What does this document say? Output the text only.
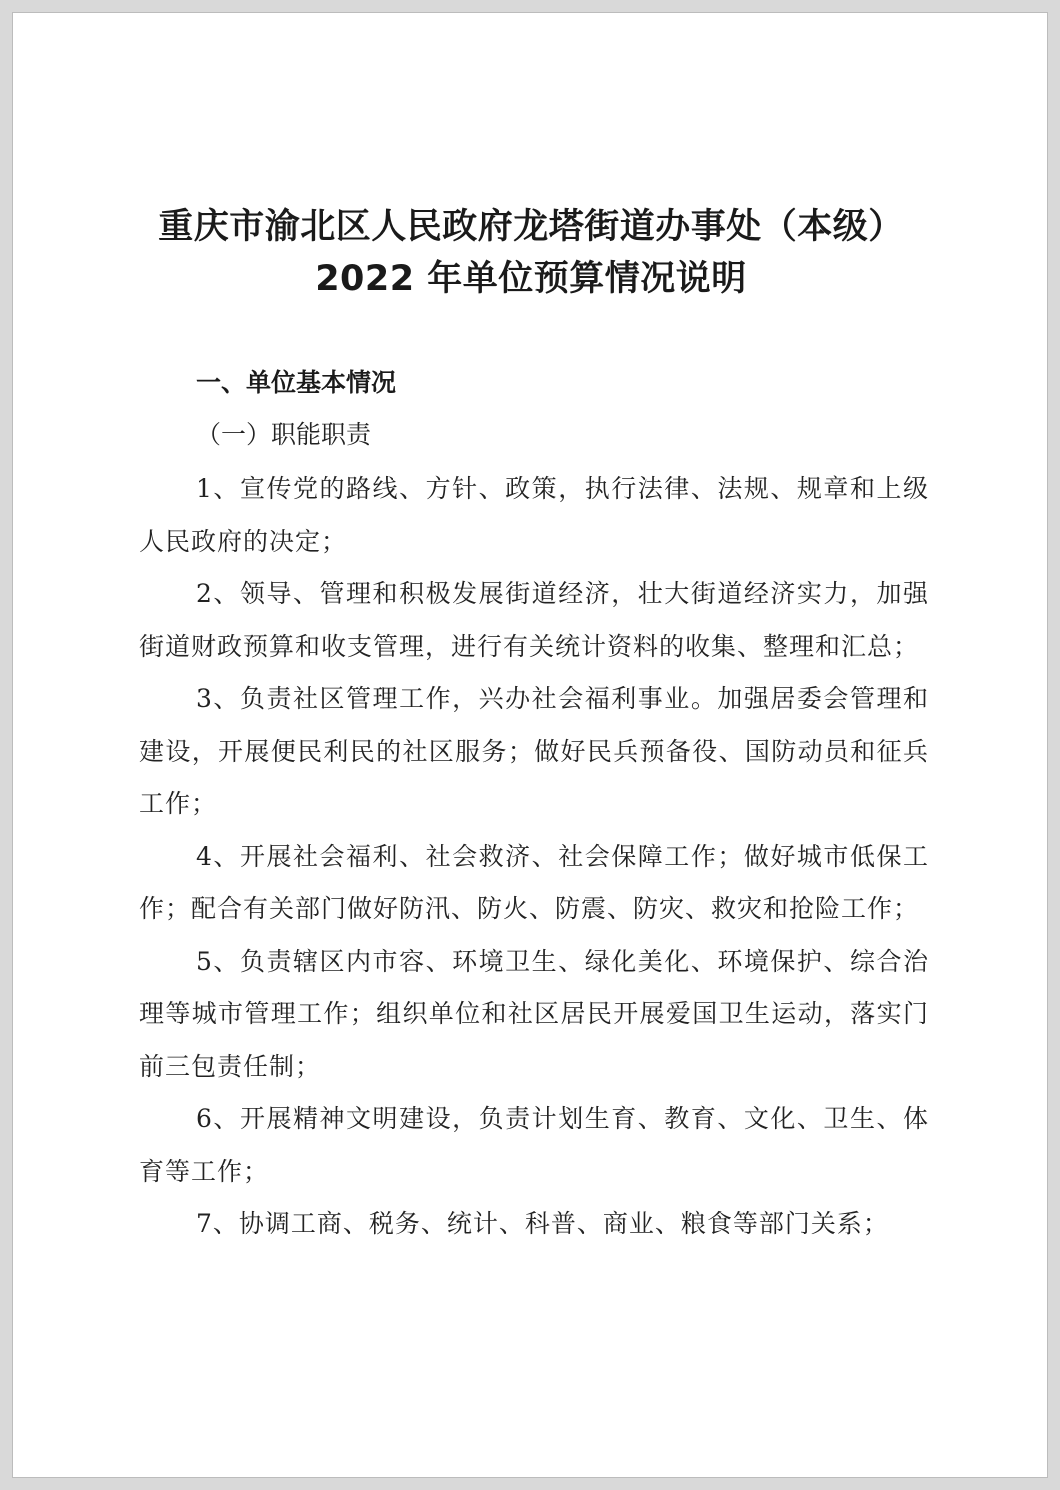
重庆市渝北区人民政府龙塔街道办事处（本级）
2022 年单位预算情况说明
一、单位基本情况
（一）职能职责

1、宣传党的路线、方针、政策，执行法律、法规、规章和上级人民政府的决定；

2、领导、管理和积极发展街道经济，壮大街道经济实力，加强街道财政预算和收支管理，进行有关统计资料的收集、整理和汇总；

3、负责社区管理工作，兴办社会福利事业。加强居委会管理和建设，开展便民利民的社区服务；做好民兵预备役、国防动员和征兵工作；

4、开展社会福利、社会救济、社会保障工作；做好城市低保工作；配合有关部门做好防汛、防火、防震、防灾、救灾和抢险工作；

5、负责辖区内市容、环境卫生、绿化美化、环境保护、综合治理等城市管理工作；组织单位和社区居民开展爱国卫生运动，落实门前三包责任制；

6、开展精神文明建设，负责计划生育、教育、文化、卫生、体育等工作；

7、协调工商、税务、统计、科普、商业、粮食等部门关系；
